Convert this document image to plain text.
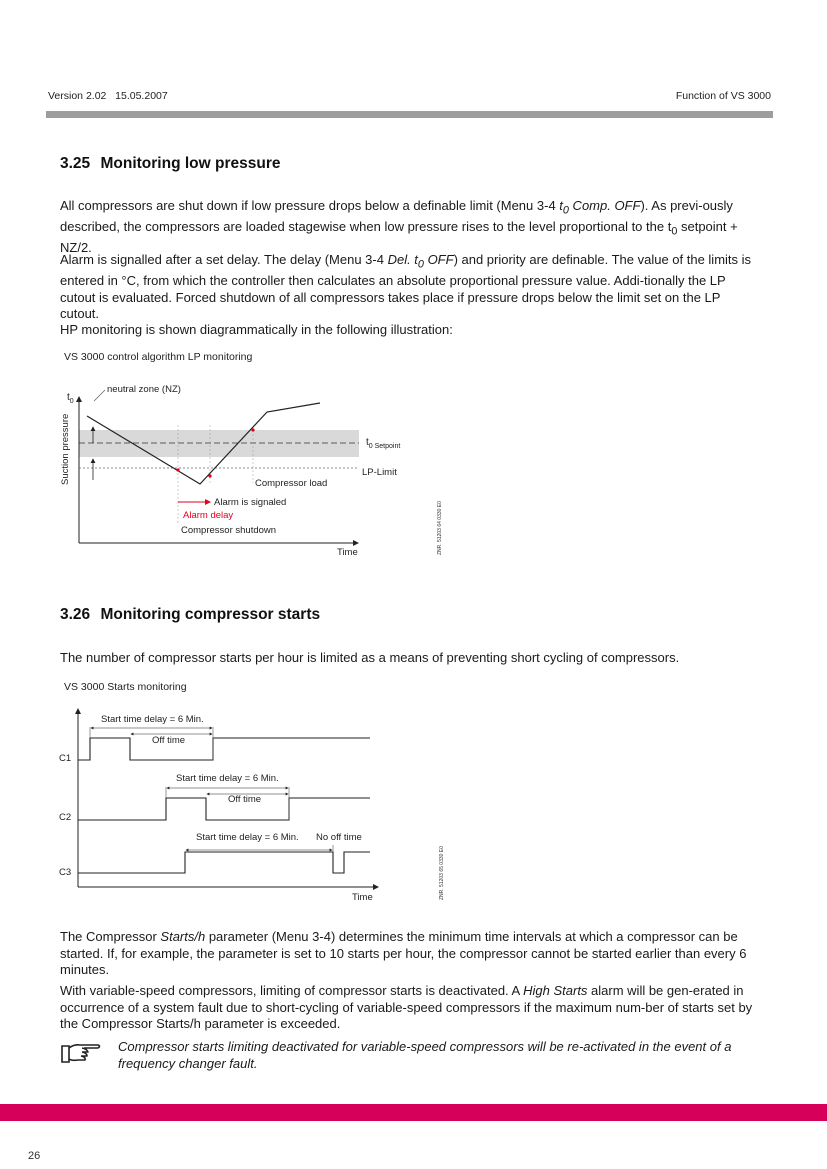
Version 2.02 15.05.2007	Function of VS 3000
3.25 Monitoring low pressure

All compressors are shut down if low pressure drops below a definable limit (Menu 3-4 $t_0$ Comp. OFF). As previ-ously described, the compressors are loaded stagewise when low pressure rises to the level proportional to the $t_0$ setpoint + NZ/2.

Alarm is signalled after a set delay. The delay (Menu 3-4 Del. $t_0$ OFF) and priority are definable. The value of the limits is entered in °C, from which the controller then calculates an absolute proportional pressure value. Addi-tionally the LP cutout is evaluated. Forced shutdown of all compressors takes place if pressure drops below the limit set on the LP cutout.

HP monitoring is shown diagrammatically in the following illustration:

VS 3000 control algorithm LP monitoring
$t_0$
neutral zone (NZ)
Suction pressure	$t_{0 Setpoint}$
LP-Limit
Compressor load
Alarm is signaled
Alarm delay
Compressor shutdown
Time	ZNR. 51203 64 0330 E0
3.26 Monitoring compressor starts

The number of compressor starts per hour is limited as a means of preventing short cycling of compressors.

VS 3000 Starts monitoring
C1
C2
C3
Start time delay = 6 Min.
Off time
Start time delay = 6 Min.
Off time
Start time delay = 6 Min. No off time
Time	ZNR. 51203 65 0330 E0

The Compressor Starts/h parameter (Menu 3-4) determines the minimum time intervals at which a compressor can be started. If, for example, the parameter is set to 10 starts per hour, the compressor cannot be started earlier than every 6 minutes.

With variable-speed compressors, limiting of compressor starts is deactivated. A High Starts alarm will be gen-erated in occurrence of a system fault due to short-cycling of variable-speed compressors if the maximum num-ber of starts set by the Compressor Starts/h parameter is exceeded.

Compressor starts limiting deactivated for variable-speed compressors will be re-activated in the event of a frequency changer fault.
26
